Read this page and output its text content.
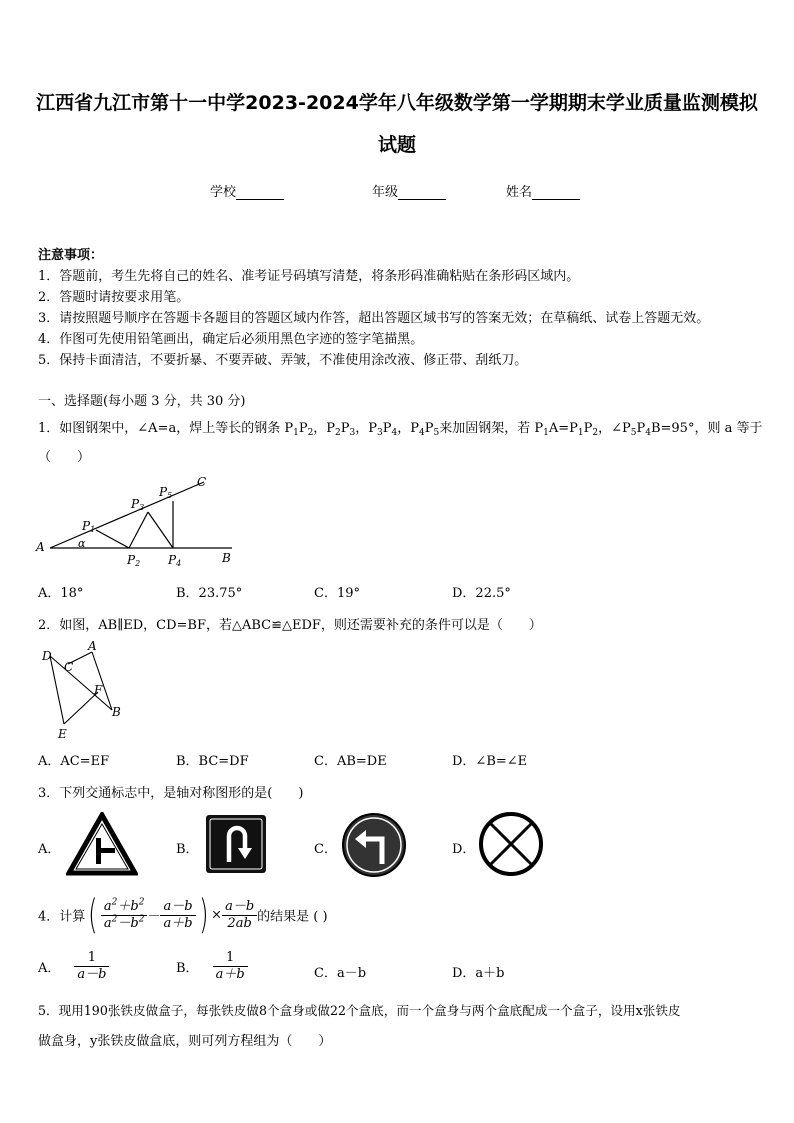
江西省九江市第十一中学2023-2024学年八年级数学第一学期期末学业质量监测模拟
试题
学校	年级	姓名
注意事项：
1．答题前，考生先将自己的姓名、准考证号码填写清楚，将条形码准确粘贴在条形码区域内。
2．答题时请按要求用笔。
3．请按照题号顺序在答题卡各题目的答题区域内作答，超出答题区域书写的答案无效；在草稿纸、试卷上答题无效。
4．作图可先使用铅笔画出，确定后必须用黑色字迹的签字笔描黑。
5．保持卡面清洁，不要折暴、不要弄破、弄皱，不准使用涂改液、修正带、刮纸刀。
一、选择题(每小题 3 分，共 30 分)
1．如图钢架中，∠A=a，焊上等长的钢条 $P_1P_2$，$P_2P_3$，$P_3P_4$，$P_4P_5$来加固钢架，若 $P_1A=P_1P_2$，$\angle P_5P_4B=95^\circ$，则 a 等于
（　　）
A
B
C
P1
P2
P3
P4
P5
α
A．18°	B．23.75°	C．19°	D．22.5°
2．如图，AB∥ED，CD=BF，若△ABC≌△EDF，则还需要补充的条件可以是（　　）
D
A
C
F
B
E
A．AC=EF	B．BC=DF	C．AB=DE	D．∠B=∠E
3．下列交通标志中，是轴对称图形的是(　　)
A．	B．	C．	D．
4．计算( $\frac{a^2+b^2}{a^2-b^2} - \frac{a-b}{a+b}$ ) × $\frac{a-b}{2ab}$ 的结果是 ( )
A． $\frac{1}{a-b}$	B． $\frac{1}{a+b}$	C．a－b	D．a＋b
5．现用190张铁皮做盒子，每张铁皮做8个盒身或做22个盒底，而一个盒身与两个盒底配成一个盒子，设用x张铁皮
做盒身，y张铁皮做盒底，则可列方程组为（　　）
